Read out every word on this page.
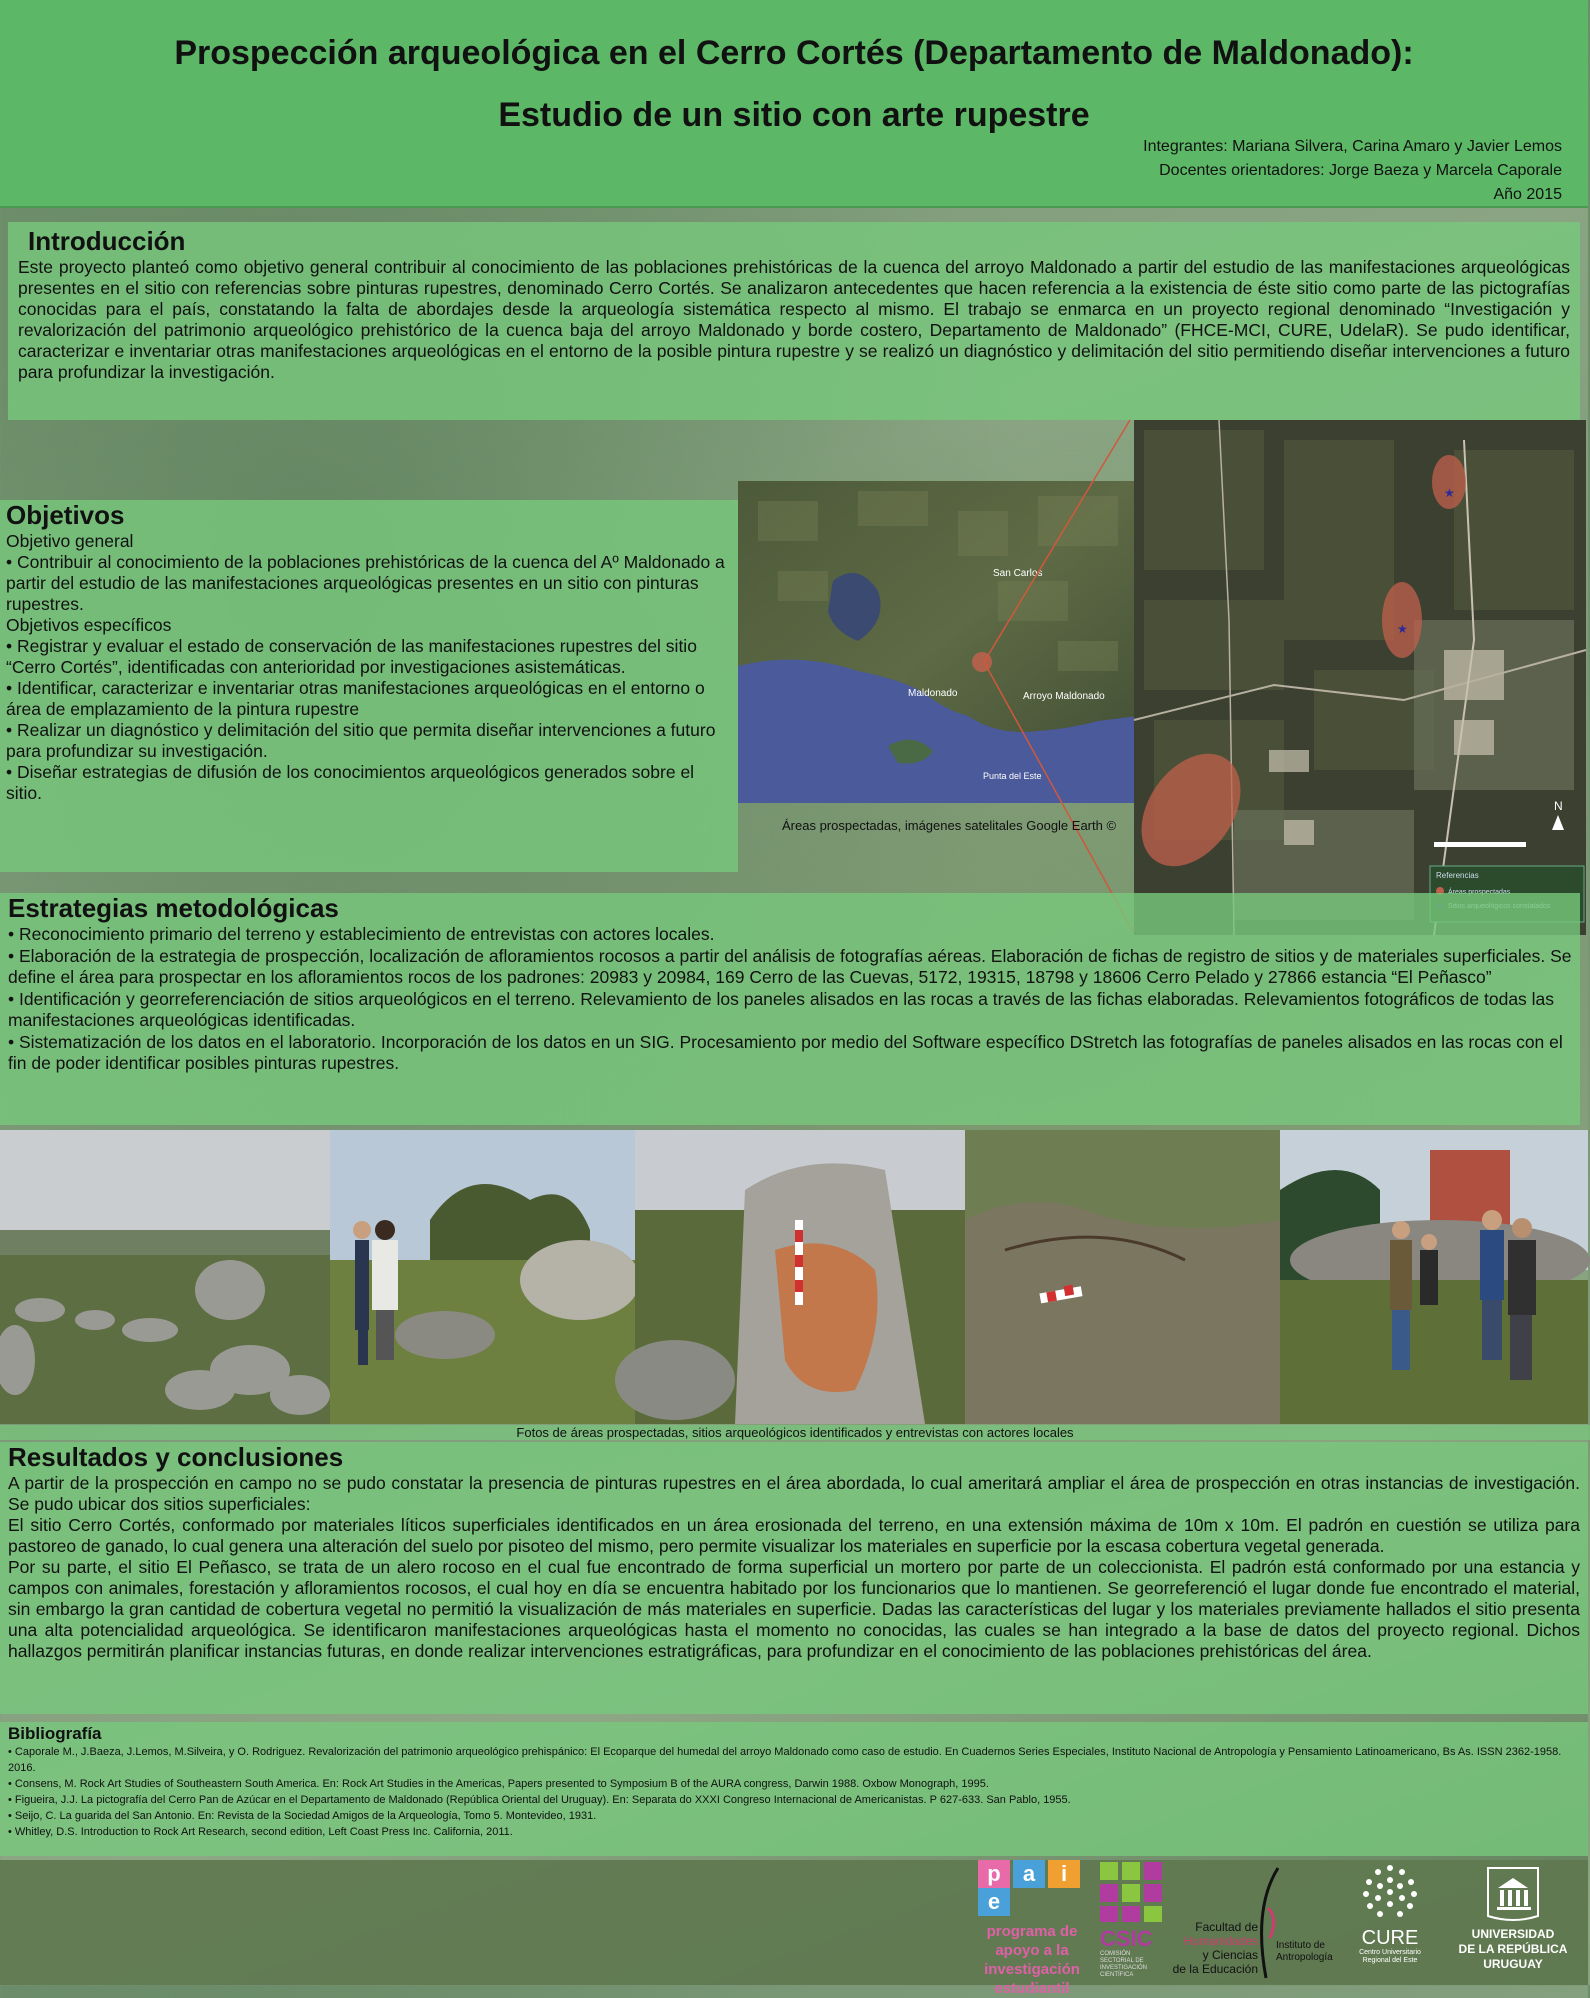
Prospección arqueológica en el Cerro Cortés (Departamento de Maldonado):
Estudio de un sitio con arte rupestre
Integrantes: Mariana Silvera, Carina Amaro y Javier Lemos
Docentes orientadores: Jorge Baeza y Marcela Caporale
Año 2015
Introducción

Este proyecto planteó como objetivo general contribuir al conocimiento de las poblaciones prehistóricas de la cuenca del arroyo Maldonado a partir del estudio de las manifestaciones arqueológicas presentes en el sitio con referencias sobre pinturas rupestres, denominado Cerro Cortés. Se analizaron antecedentes que hacen referencia a la existencia de éste sitio como parte de las pictografías conocidas para el país, constatando la falta de abordajes desde la arqueología sistemática respecto al mismo. El trabajo se enmarca en un proyecto regional denominado “Investigación y revalorización del patrimonio arqueológico prehistórico de la cuenca baja del arroyo Maldonado y borde costero, Departamento de Maldonado” (FHCE-MCI, CURE, UdelaR). Se pudo identificar, caracterizar e inventariar otras manifestaciones arqueológicas en el entorno de la posible pintura rupestre y se realizó un diagnóstico y delimitación del sitio permitiendo diseñar intervenciones a futuro para profundizar la investigación.

Objetivos
Objetivo general
• Contribuir al conocimiento de la poblaciones prehistóricas de la cuenca del Aº Maldonado a partir del estudio de las manifestaciones arqueológicas presentes en un sitio con pinturas rupestres.
Objetivos específicos
• Registrar y evaluar el estado de conservación de las manifestaciones rupestres del sitio “Cerro Cortés”, identificadas con anterioridad por investigaciones asistemáticas.
• Identificar, caracterizar e inventariar otras manifestaciones arqueológicas en el entorno o área de emplazamiento de la pintura rupestre
• Realizar un diagnóstico y delimitación del sitio que permita diseñar intervenciones a futuro para profundizar su investigación.
• Diseñar estrategias de difusión de los conocimientos arqueológicos generados sobre el sitio.
San Carlos
Maldonado	Arroyo Maldonado
Punta del Este
★
★
N
Referencias
Áreas prospectadas, imágenes satelitales Google Earth ©
Estrategias metodológicas
• Reconocimiento primario del terreno y establecimiento de entrevistas con actores locales.
• Elaboración de la estrategia de prospección, localización de afloramientos rocosos a partir del análisis de fotografías aéreas. Elaboración de fichas de registro de sitios y de materiales superficiales. Se define el área para prospectar en los afloramientos rocos de los padrones: 20983 y 20984, 169 Cerro de las Cuevas, 5172, 19315, 18798 y 18606 Cerro Pelado y 27866 estancia “El Peñasco”
• Identificación y georreferenciación de sitios arqueológicos en el terreno. Relevamiento de los paneles alisados en las rocas a través de las fichas elaboradas. Relevamientos fotográficos de todas las manifestaciones arqueológicas identificadas.
• Sistematización de los datos en el laboratorio. Incorporación de los datos en un SIG. Procesamiento por medio del Software específico DStretch las fotografías de paneles alisados en las rocas con el fin de poder identificar posibles pinturas rupestres.
Fotos de áreas prospectadas, sitios arqueológicos identificados y entrevistas con actores locales
Resultados y conclusiones

A partir de la prospección en campo no se pudo constatar la presencia de pinturas rupestres en el área abordada, lo cual ameritará ampliar el área de prospección en otras instancias de investigación. Se pudo ubicar dos sitios superficiales:

El sitio Cerro Cortés, conformado por materiales líticos superficiales identificados en un área erosionada del terreno, en una extensión máxima de 10m x 10m. El padrón en cuestión se utiliza para pastoreo de ganado, lo cual genera una alteración del suelo por pisoteo del mismo, pero permite visualizar los materiales en superficie por la escasa cobertura vegetal generada.

Por su parte, el sitio El Peñasco, se trata de un alero rocoso en el cual fue encontrado de forma superficial un mortero por parte de un coleccionista. El padrón está conformado por una estancia y campos con animales, forestación y afloramientos rocosos, el cual hoy en día se encuentra habitado por los funcionarios que lo mantienen. Se georreferenció el lugar donde fue encontrado el material, sin embargo la gran cantidad de cobertura vegetal no permitió la visualización de más materiales en superficie. Dadas las características del lugar y los materiales previamente hallados el sitio presenta una alta potencialidad arqueológica. Se identificaron manifestaciones arqueológicas hasta el momento no conocidas, las cuales se han integrado a la base de datos del proyecto regional. Dichos hallazgos permitirán planificar instancias futuras, en donde realizar intervenciones estratigráficas, para profundizar en el conocimiento de las poblaciones prehistóricas del área.

Bibliografía
• Caporale M., J.Baeza, J.Lemos, M.Silveira, y O. Rodriguez. Revalorización del patrimonio arqueológico prehispánico: El Ecoparque del humedal del arroyo Maldonado como caso de estudio. En Cuadernos Series Especiales, Instituto Nacional de Antropología y Pensamiento Latinoamericano, Bs As. ISSN 2362-1958. 2016.
• Consens, M. Rock Art Studies of Southeastern South America. En: Rock Art Studies in the Americas, Papers presented to Symposium B of the AURA congress, Darwin 1988. Oxbow Monograph, 1995.
• Figueira, J.J. La pictografía del Cerro Pan de Azúcar en el Departamento de Maldonado (República Oriental del Uruguay). En: Separata do XXXI Congreso Internacional de Americanistas. P 627-633. San Pablo, 1955.
• Seijo, C. La guarida del San Antonio. En: Revista de la Sociedad Amigos de la Arqueología, Tomo 5. Montevideo, 1931.
• Whitley, D.S. Introduction to Rock Art Research, second edition, Left Coast Press Inc. California, 2011.
p a ie
programa de apoyo a la investigación estudiantil
CSIC
COMISIÓN SECTORIAL DE INVESTIGACIÓN CIENTÍFICA
Facultad de
Humanidades
y Ciencias
de la Educación
Instituto de Antropología
CURE
Centro Universitario Regional del Este
UNIVERSIDAD
DE LA REPÚBLICA
URUGUAY
